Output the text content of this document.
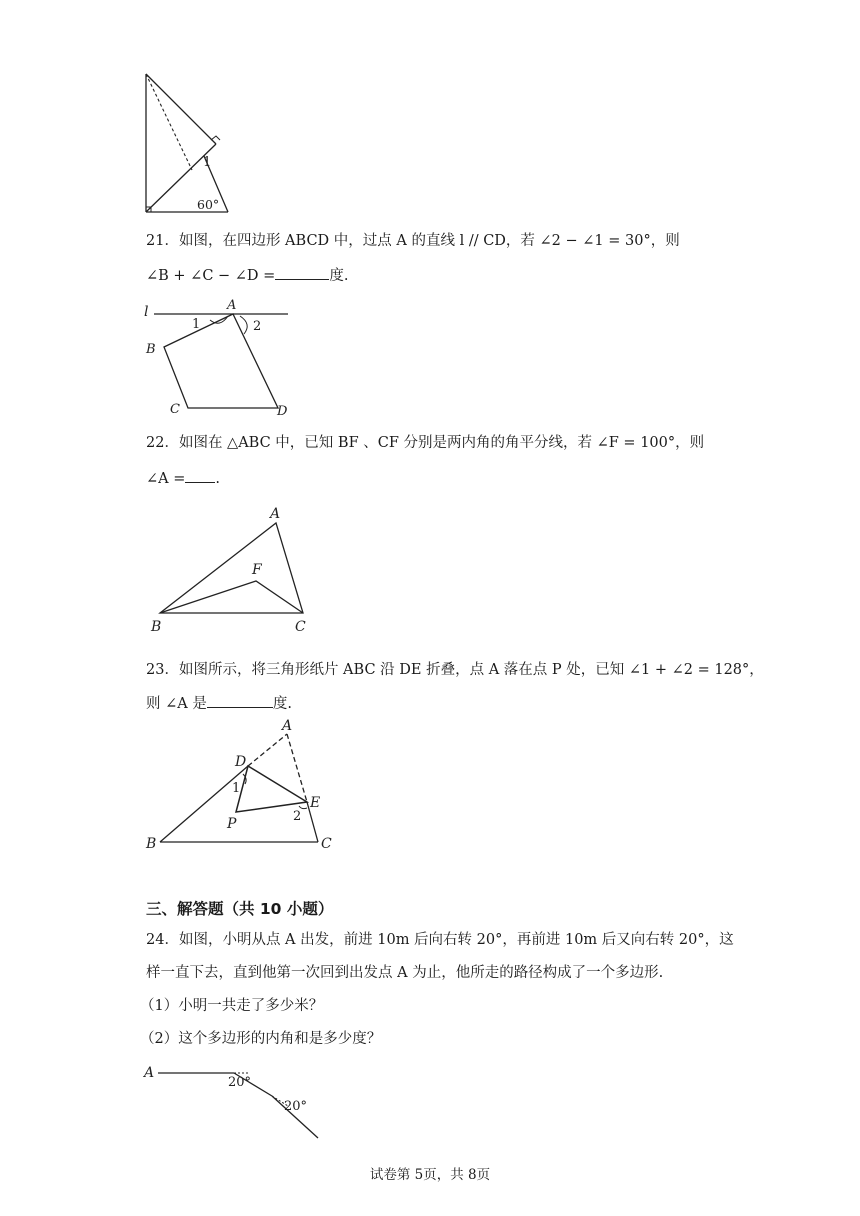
1
60°
21．如图，在四边形 ABCD 中，过点 A 的直线 l // CD，若 ∠2 − ∠1 = 30°，则
∠B + ∠C − ∠D =	度.
l	A
1	2
B
C	D
22．如图在 △ABC 中，已知 BF 、CF 分别是两内角的角平分线，若 ∠F = 100°，则
∠A = .
A
F
B	C
23．如图所示，将三角形纸片 ABC 沿 DE 折叠，点 A 落在点 P 处，已知 ∠1 + ∠2 = 128°，
则 ∠A 是	度.
A
D
1
E
2
P
B	C
三、解答题（共 10 小题）
24．如图，小明从点 A 出发，前进 10m 后向右转 20°，再前进 10m 后又向右转 20°，这
样一直下去，直到他第一次回到出发点 A 为止，他所走的路径构成了一个多边形.
（1）小明一共走了多少米？
（2）这个多边形的内角和是多少度？
A
20°
20°
试卷第 5页，共 8页
